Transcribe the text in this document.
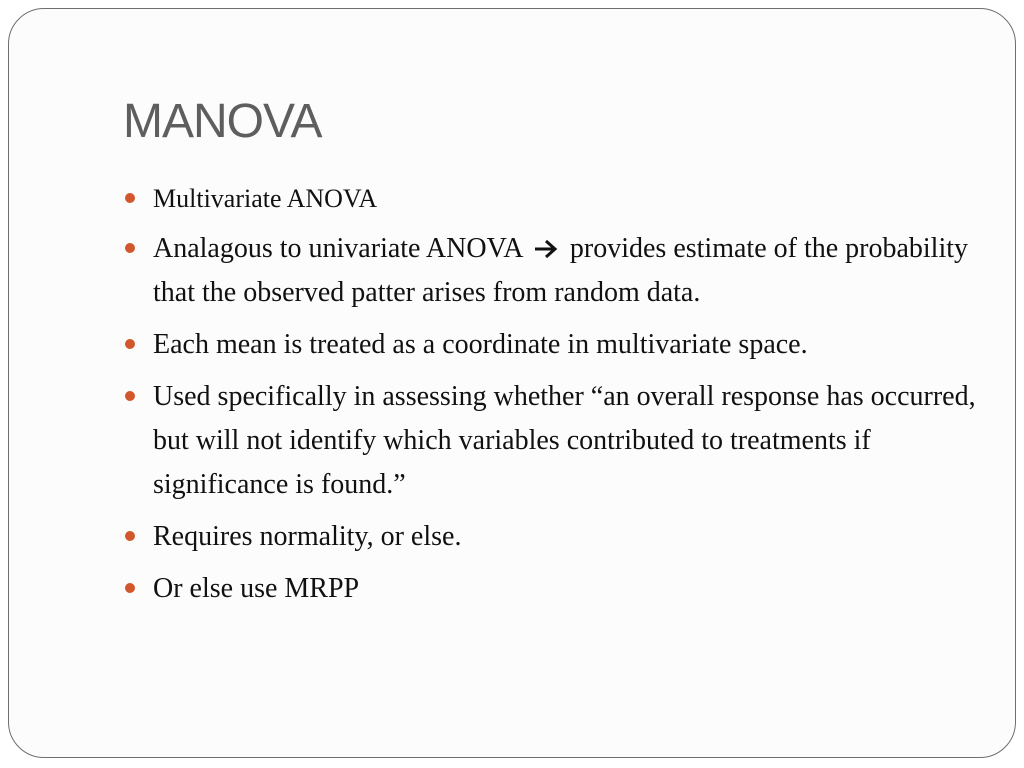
MANOVA
Multivariate ANOVA
Analagous to univariate ANOVA provides estimate of the probability that the observed patter arises from random data.
Each mean is treated as a coordinate in multivariate space.
Used specifically in assessing whether “an overall response has occurred, but will not identify which variables contributed to treatments if significance is found.”
Requires normality, or else.
Or else use MRPP
